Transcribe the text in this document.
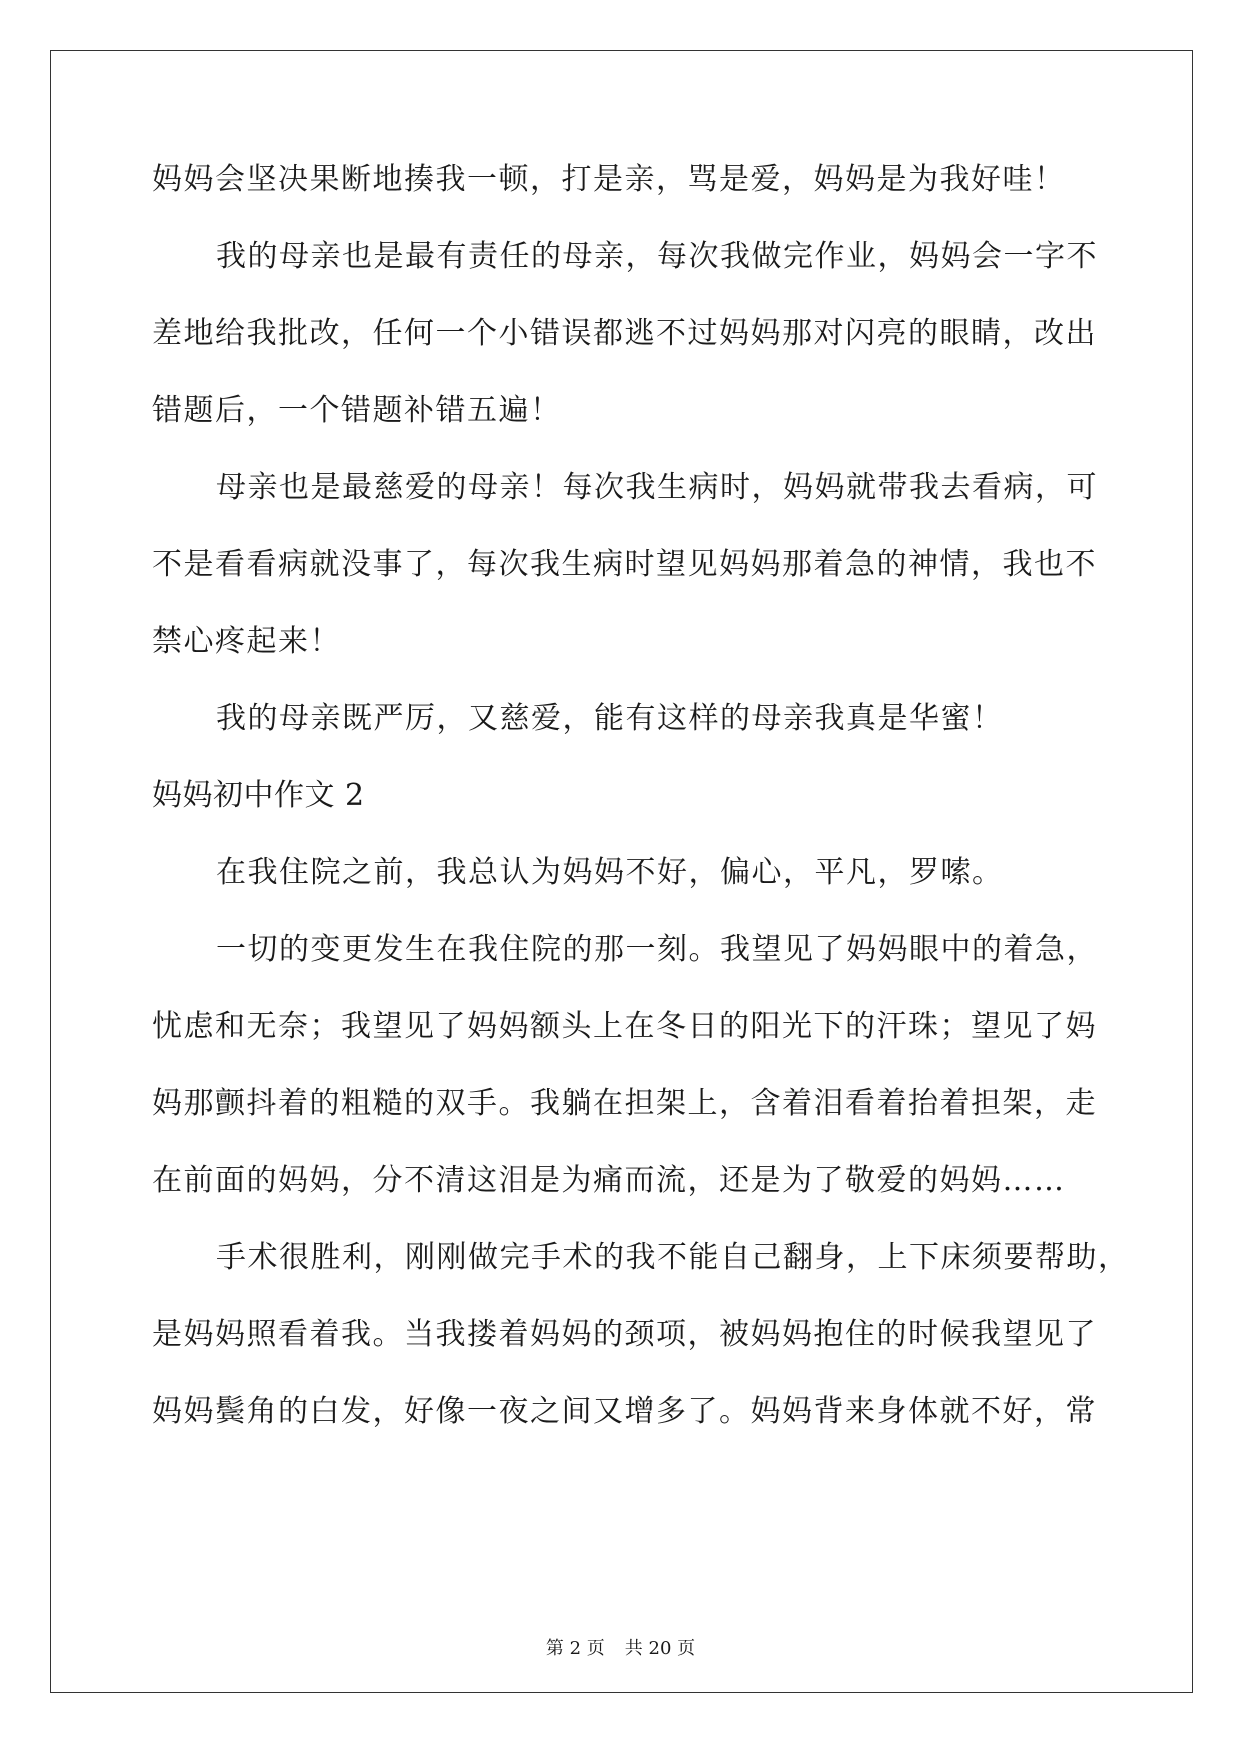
妈妈会坚决果断地揍我一顿，打是亲，骂是爱，妈妈是为我好哇！
我的母亲也是最有责任的母亲，每次我做完作业，妈妈会一字不
差地给我批改，任何一个小错误都逃不过妈妈那对闪亮的眼睛，改出
错题后，一个错题补错五遍！
母亲也是最慈爱的母亲！每次我生病时，妈妈就带我去看病，可
不是看看病就没事了，每次我生病时望见妈妈那着急的神情，我也不
禁心疼起来！
我的母亲既严厉，又慈爱，能有这样的母亲我真是华蜜！
妈妈初中作文 2
在我住院之前，我总认为妈妈不好，偏心，平凡，罗嗦。
一切的变更发生在我住院的那一刻。我望见了妈妈眼中的着急，
忧虑和无奈；我望见了妈妈额头上在冬日的阳光下的汗珠；望见了妈
妈那颤抖着的粗糙的双手。我躺在担架上，含着泪看着抬着担架，走
在前面的妈妈，分不清这泪是为痛而流，还是为了敬爱的妈妈……
手术很胜利，刚刚做完手术的我不能自己翻身，上下床须要帮助，
是妈妈照看着我。当我搂着妈妈的颈项，被妈妈抱住的时候我望见了
妈妈鬓角的白发，好像一夜之间又增多了。妈妈背来身体就不好，常
第 2 页 共 20 页
